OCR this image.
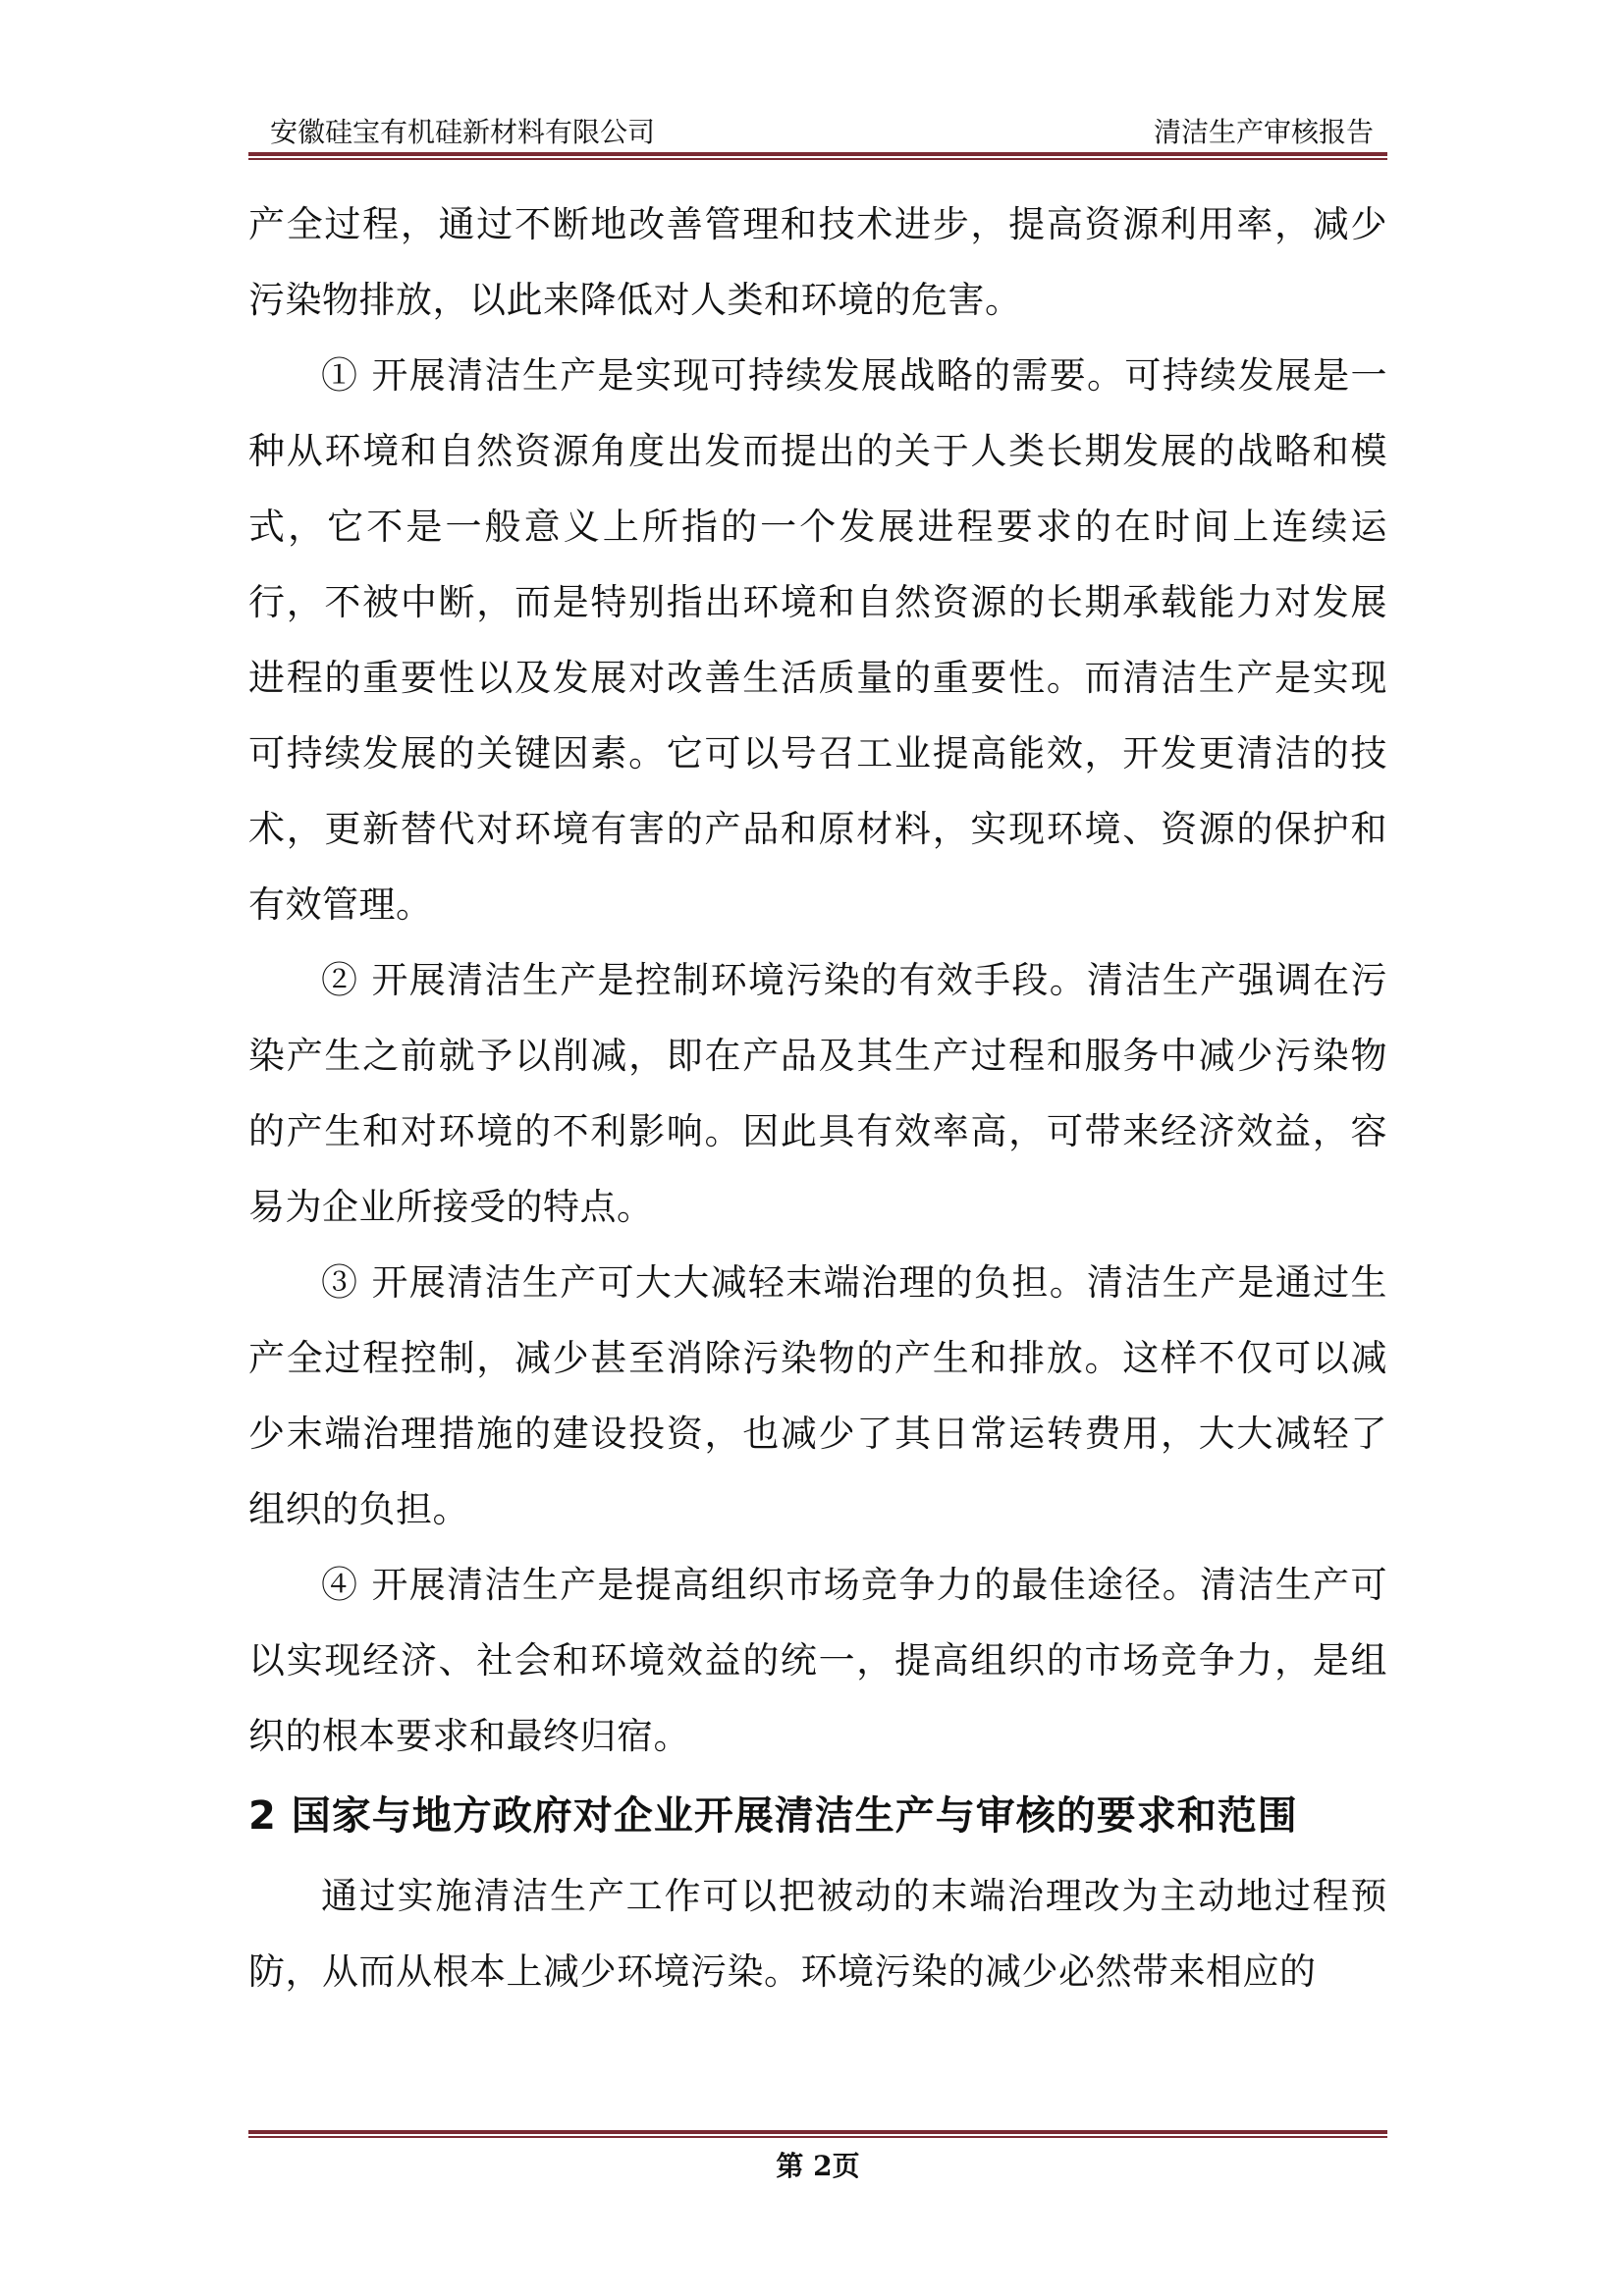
安徽硅宝有机硅新材料有限公司	清洁生产审核报告

产全过程，通过不断地改善管理和技术进步，提高资源利用率，减少污染物排放，以此来降低对人类和环境的危害。

① 开展清洁生产是实现可持续发展战略的需要。可持续发展是一种从环境和自然资源角度出发而提出的关于人类长期发展的战略和模式，它不是一般意义上所指的一个发展进程要求的在时间上连续运行，不被中断，而是特别指出环境和自然资源的长期承载能力对发展进程的重要性以及发展对改善生活质量的重要性。而清洁生产是实现可持续发展的关键因素。它可以号召工业提高能效，开发更清洁的技术，更新替代对环境有害的产品和原材料，实现环境、资源的保护和有效管理。

② 开展清洁生产是控制环境污染的有效手段。清洁生产强调在污染产生之前就予以削减，即在产品及其生产过程和服务中减少污染物的产生和对环境的不利影响。因此具有效率高，可带来经济效益，容易为企业所接受的特点。

③ 开展清洁生产可大大减轻末端治理的负担。清洁生产是通过生产全过程控制，减少甚至消除污染物的产生和排放。这样不仅可以减少末端治理措施的建设投资，也减少了其日常运转费用，大大减轻了组织的负担。

④ 开展清洁生产是提高组织市场竞争力的最佳途径。清洁生产可以实现经济、社会和环境效益的统一，提高组织的市场竞争力，是组织的根本要求和最终归宿。

2 国家与地方政府对企业开展清洁生产与审核的要求和范围

通过实施清洁生产工作可以把被动的末端治理改为主动地过程预防，从而从根本上减少环境污染。环境污染的减少必然带来相应的

第 2页
